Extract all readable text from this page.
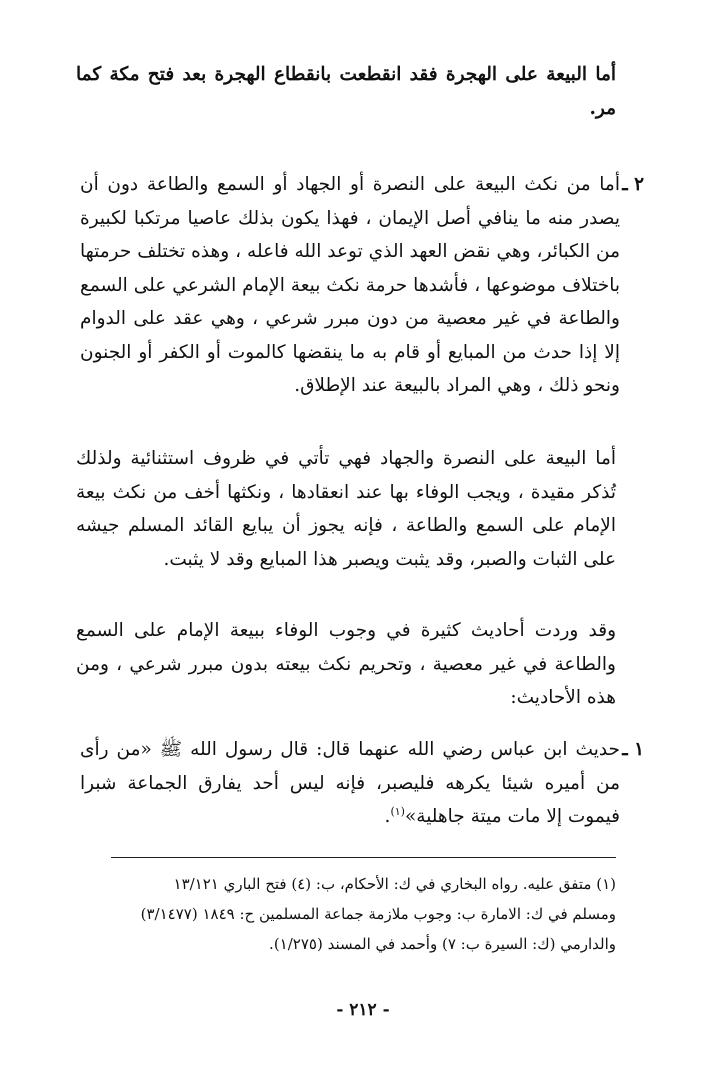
أما البيعة على الهجرة فقد انقطعت بانقطاع الهجرة بعد فتح مكة كما مر.

٢ ـ

أما من نكث البيعة على النصرة أو الجهاد أو السمع والطاعة دون أن يصدر منه ما ينافي أصل الإيمان ، فهذا يكون بذلك عاصيا مرتكبا لكبيرة من الكبائر، وهي نقض العهد الذي توعد الله فاعله ، وهذه تختلف حرمتها باختلاف موضوعها ، فأشدها حرمة نكث بيعة الإمام الشرعي على السمع والطاعة في غير معصية من دون مبرر شرعي ، وهي عقد على الدوام إلا إذا حدث من المبايع أو قام به ما ينقضها كالموت أو الكفر أو الجنون ونحو ذلك ، وهي المراد بالبيعة عند الإطلاق.

أما البيعة على النصرة والجهاد فهي تأتي في ظروف استثنائية ولذلك تُذكر مقيدة ، ويجب الوفاء بها عند انعقادها ، ونكثها أخف من نكث بيعة الإمام على السمع والطاعة ، فإنه يجوز أن يبايع القائد المسلم جيشه على الثبات والصبر، وقد يثبت ويصبر هذا المبايع وقد لا يثبت.

وقد وردت أحاديث كثيرة في وجوب الوفاء ببيعة الإمام على السمع والطاعة في غير معصية ، وتحريم نكث بيعته بدون مبرر شرعي ، ومن هذه الأحاديث:

١ ـ

حديث ابن عباس رضي الله عنهما قال: قال رسول الله ﷺ «من رأى من أميره شيئا يكرهه فليصبر، فإنه ليس أحد يفارق الجماعة شبرا فيموت إلا مات ميتة جاهلية»$^{(١)}$.

(١) متفق عليه. رواه البخاري في ك: الأحكام، ب: (٤) فتح الباري ١٣/١٢١

ومسلم في ك: الامارة ب: وجوب ملازمة جماعة المسلمين ح: ١٨٤٩ (٣/١٤٧٧)

والدارمي (ك: السيرة ب: ٧) وأحمد في المسند (١/٢٧٥).

- ٢١٢ -
